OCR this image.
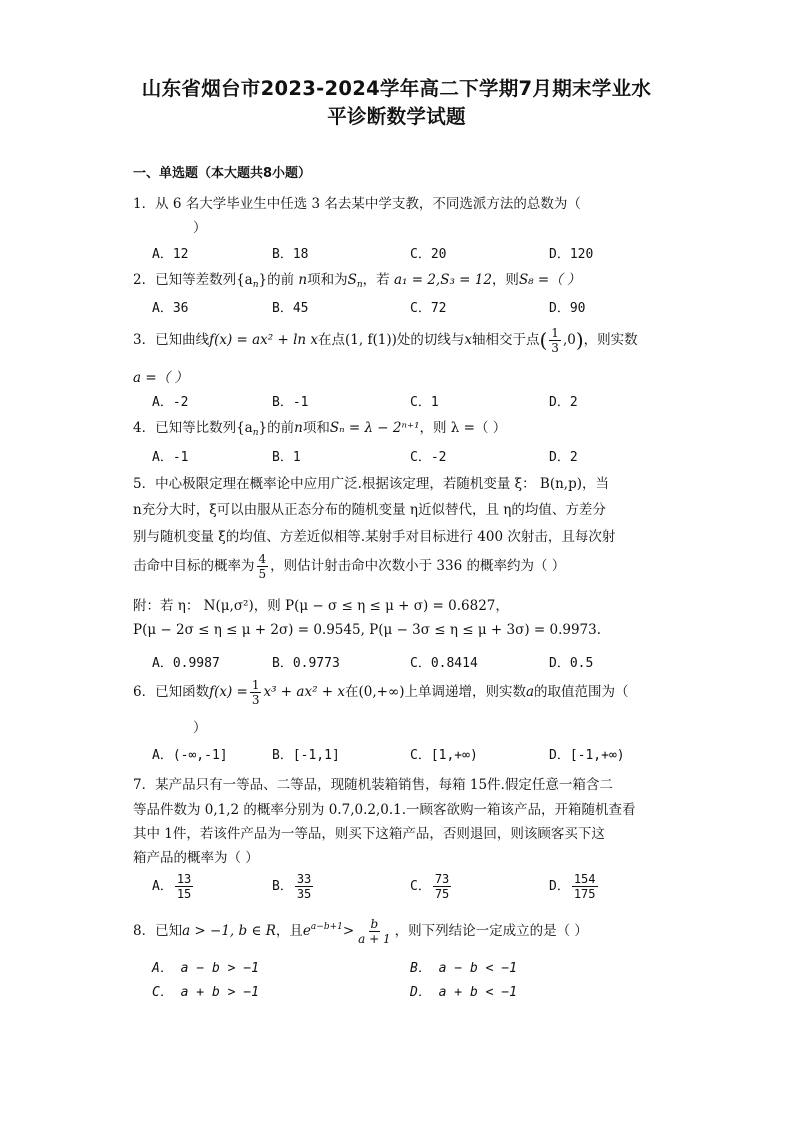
山东省烟台市2023-2024学年高二下学期7月期末学业水
平诊断数学试题
一、单选题（本大题共8小题）
1．从 6 名大学毕业生中任选 3 名去某中学支教，不同选派方法的总数为（
）
A．12	B．18	C．20	D．120
2．已知等差数列$\{a_n\}$的前 n项和为$S_n$，若 a₁ = 2,S₃ = 12，则S₈ =（ ）
A．36	B．45	C．72	D．90
3．已知曲线f(x) = ax² + ln x在点(1, f(1))处的切线与x轴相交于点( $\frac{1}{3} ,0$)，则实数
a =（ ）
A．-2	B．-1	C．1	D．2
4．已知等比数列$\{a_n\}$的前n项和Sₙ = λ − 2ⁿ⁺¹，则 λ =（ ）
A．-1	B．1	C．-2	D．2
5．中心极限定理在概率论中应用广泛.根据该定理，若随机变量 ξ： B(n,p)，当
n充分大时，ξ可以由服从正态分布的随机变量 η近似替代，且 η的均值、方差分
别与随机变量 ξ的均值、方差近似相等.某射手对目标进行 400 次射击，且每次射
击命中目标的概率为 $\frac{4}{5}$ ，则估计射击命中次数小于 336 的概率约为（ ）
附：若 η： N(μ,σ²)，则 P(μ − σ ≤ η ≤ μ + σ) = 0.6827，
P(μ − 2σ ≤ η ≤ μ + 2σ) = 0.9545, P(μ − 3σ ≤ η ≤ μ + 3σ) = 0.9973.
A．0.9987	B．0.9773	C．0.8414	D．0.5
6．已知函数$f(x) = \frac{1}{3} x^3 + ax^2 + x$在(0,+∞)上单调递增，则实数a的取值范围为（
）
A．(-∞,-1]	B．[-1,1]	C．[1,+∞)	D．[-1,+∞)
7．某产品只有一等品、二等品，现随机装箱销售，每箱 15件.假定任意一箱含二
等品件数为 0,1,2 的概率分别为 0.7,0.2,0.1.一顾客欲购一箱该产品，开箱随机查看
其中 1件，若该件产品为一等品，则买下这箱产品，否则退回，则该顾客买下这
箱产品的概率为（ ）
A． $\frac{13}{15}$	B． $\frac{33}{35}$	C． $\frac{73}{75}$	D． $\frac{154}{175}$
8．已知a > −1, b ∈ R，且$e^{a-b+1}> \frac{b}{a + 1}$ ，则下列结论一定成立的是（ ）
A． a − b > −1	B． a − b < −1
C． a + b > −1	D． a + b < −1
